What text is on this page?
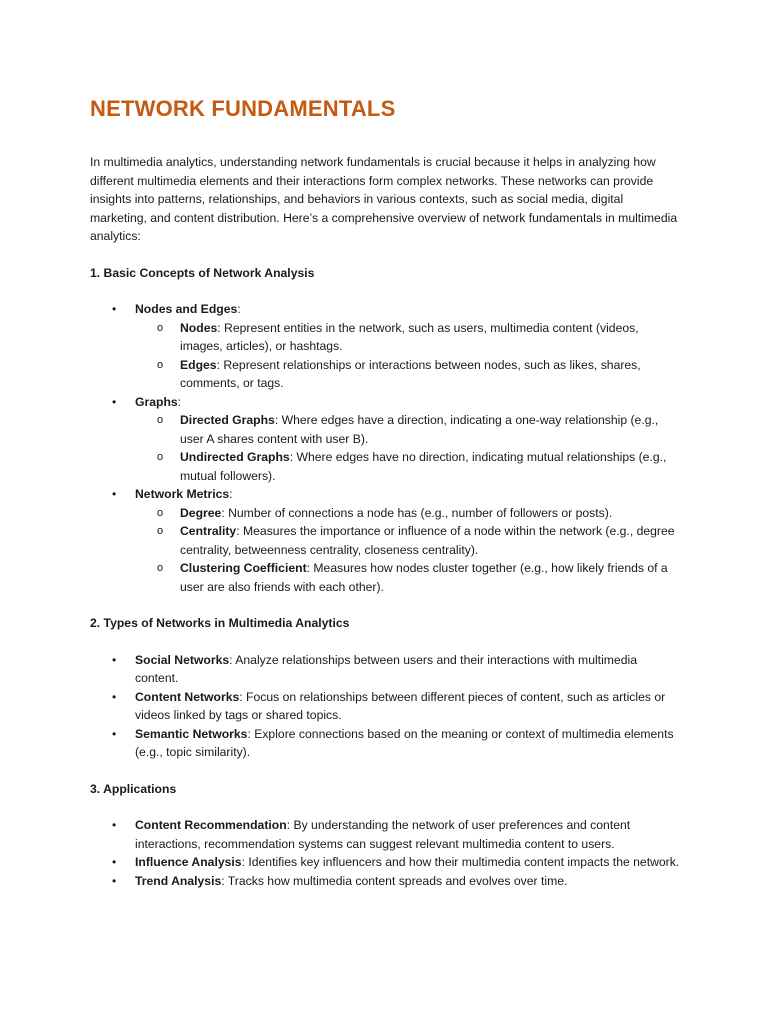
NETWORK FUNDAMENTALS

In multimedia analytics, understanding network fundamentals is crucial because it helps in analyzing how different multimedia elements and their interactions form complex networks. These networks can provide insights into patterns, relationships, and behaviors in various contexts, such as social media, digital marketing, and content distribution. Here’s a comprehensive overview of network fundamentals in multimedia analytics:

1. Basic Concepts of Network Analysis

• Nodes and Edges:
o Nodes: Represent entities in the network, such as users, multimedia content (videos, images, articles), or hashtags.
o Edges: Represent relationships or interactions between nodes, such as likes, shares, comments, or tags.
• Graphs:
o Directed Graphs: Where edges have a direction, indicating a one-way relationship (e.g., user A shares content with user B).
o Undirected Graphs: Where edges have no direction, indicating mutual relationships (e.g., mutual followers).
• Network Metrics:
o Degree: Number of connections a node has (e.g., number of followers or posts).
o Centrality: Measures the importance or influence of a node within the network (e.g., degree centrality, betweenness centrality, closeness centrality).
o Clustering Coefficient: Measures how nodes cluster together (e.g., how likely friends of a user are also friends with each other).

2. Types of Networks in Multimedia Analytics

• Social Networks: Analyze relationships between users and their interactions with multimedia content.
• Content Networks: Focus on relationships between different pieces of content, such as articles or videos linked by tags or shared topics.
• Semantic Networks: Explore connections based on the meaning or context of multimedia elements (e.g., topic similarity).

3. Applications

• Content Recommendation: By understanding the network of user preferences and content interactions, recommendation systems can suggest relevant multimedia content to users.
• Influence Analysis: Identifies key influencers and how their multimedia content impacts the network.
• Trend Analysis: Tracks how multimedia content spreads and evolves over time.
